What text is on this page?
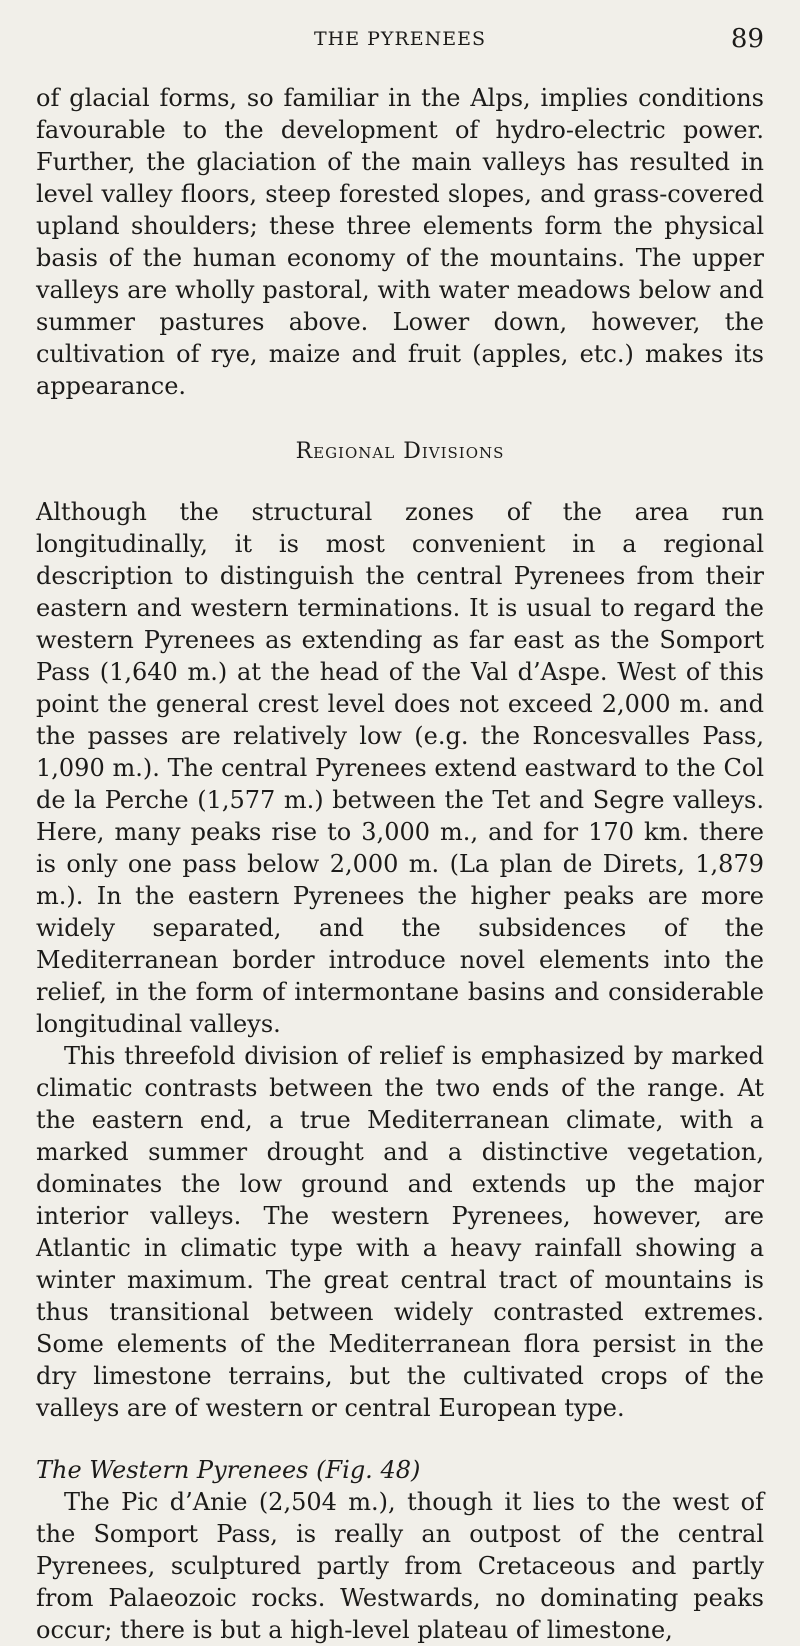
THE PYRENEES	89

of glacial forms, so familiar in the Alps, implies conditions favourable to the development of hydro-electric power. Further, the glaciation of the main valleys has resulted in level valley floors, steep forested slopes, and grass-covered upland shoulders; these three elements form the physical basis of the human economy of the mountains. The upper valleys are wholly pastoral, with water meadows below and summer pastures above. Lower down, however, the cultivation of rye, maize and fruit (apples, etc.) makes its appearance.

Regional Divisions

Although the structural zones of the area run longitudinally, it is most convenient in a regional description to distinguish the central Pyrenees from their eastern and western terminations. It is usual to regard the western Pyrenees as extending as far east as the Somport Pass (1,640 m.) at the head of the Val d’Aspe. West of this point the general crest level does not exceed 2,000 m. and the passes are relatively low (e.g. the Roncesvalles Pass, 1,090 m.). The central Pyrenees extend eastward to the Col de la Perche (1,577 m.) between the Tet and Segre valleys. Here, many peaks rise to 3,000 m., and for 170 km. there is only one pass below 2,000 m. (La plan de Direts, 1,879 m.). In the eastern Pyrenees the higher peaks are more widely separated, and the subsidences of the Mediterranean border introduce novel elements into the relief, in the form of intermontane basins and considerable longitudinal valleys.

This threefold division of relief is emphasized by marked climatic contrasts between the two ends of the range. At the eastern end, a true Mediterranean climate, with a marked summer drought and a distinctive vegetation, dominates the low ground and extends up the major interior valleys. The western Pyrenees, however, are Atlantic in climatic type with a heavy rainfall showing a winter maximum. The great central tract of mountains is thus transitional between widely contrasted extremes. Some elements of the Mediterranean flora persist in the dry limestone terrains, but the cultivated crops of the valleys are of western or central European type.

The Western Pyrenees (Fig. 48)

The Pic d’Anie (2,504 m.), though it lies to the west of the Somport Pass, is really an outpost of the central Pyrenees, sculptured partly from Cretaceous and partly from Palaeozoic rocks. Westwards, no dominating peaks occur; there is but a high-level plateau of limestone,
